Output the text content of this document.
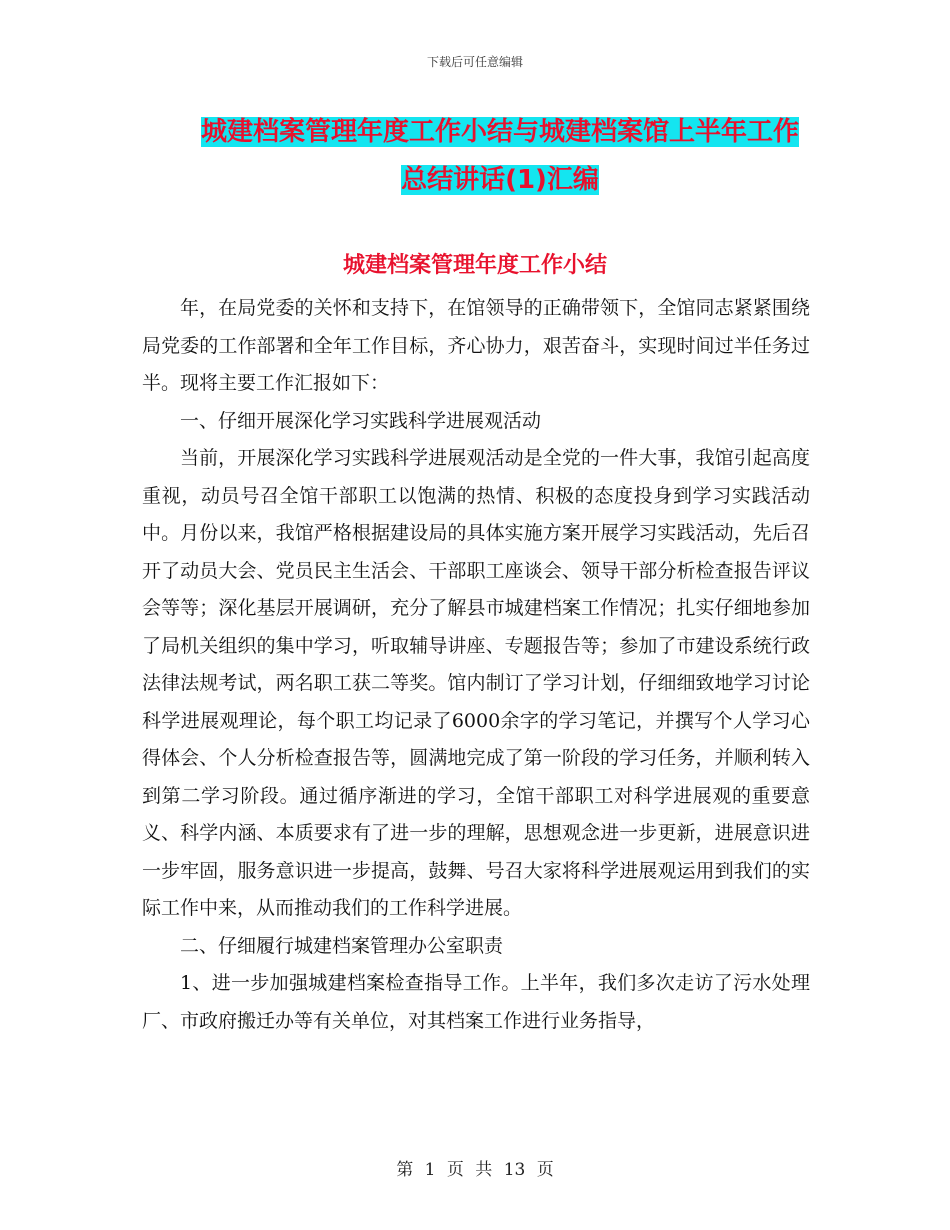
下载后可任意编辑
城建档案管理年度工作小结与城建档案馆上半年工作
总结讲话(1)汇编
城建档案管理年度工作小结

年，在局党委的关怀和支持下，在馆领导的正确带领下，全馆同志紧紧围绕局党委的工作部署和全年工作目标，齐心协力，艰苦奋斗，实现时间过半任务过半。现将主要工作汇报如下：

一、仔细开展深化学习实践科学进展观活动

当前，开展深化学习实践科学进展观活动是全党的一件大事，我馆引起高度重视，动员号召全馆干部职工以饱满的热情、积极的态度投身到学习实践活动中。月份以来，我馆严格根据建设局的具体实施方案开展学习实践活动，先后召开了动员大会、党员民主生活会、干部职工座谈会、领导干部分析检查报告评议会等等；深化基层开展调研，充分了解县市城建档案工作情况；扎实仔细地参加了局机关组织的集中学习，听取辅导讲座、专题报告等；参加了市建设系统行政法律法规考试，两名职工获二等奖。馆内制订了学习计划，仔细细致地学习讨论科学进展观理论，每个职工均记录了6000余字的学习笔记，并撰写个人学习心得体会、个人分析检查报告等，圆满地完成了第一阶段的学习任务，并顺利转入到第二学习阶段。通过循序渐进的学习，全馆干部职工对科学进展观的重要意义、科学内涵、本质要求有了进一步的理解，思想观念进一步更新，进展意识进一步牢固，服务意识进一步提高，鼓舞、号召大家将科学进展观运用到我们的实际工作中来，从而推动我们的工作科学进展。

二、仔细履行城建档案管理办公室职责

1、进一步加强城建档案检查指导工作。上半年，我们多次走访了污水处理厂、市政府搬迁办等有关单位，对其档案工作进行业务指导，

第 1 页 共 13 页
